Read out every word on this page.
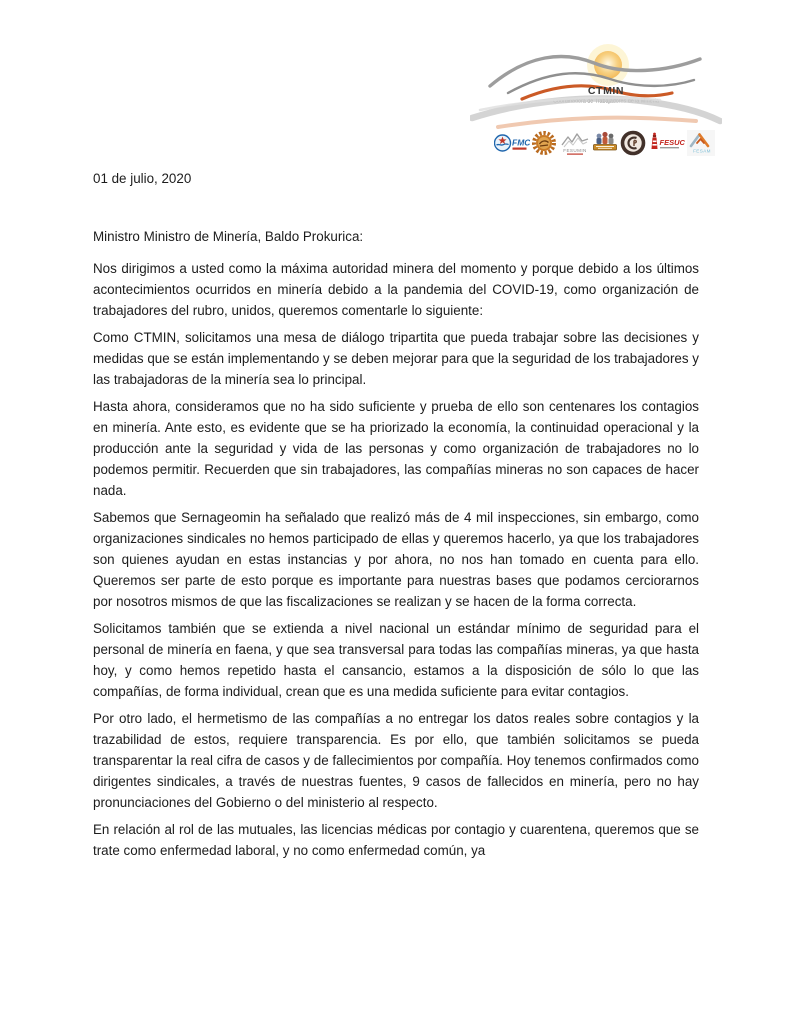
CTMIN
Coordinadora de Trabajadores de la Minería
FMC
FESUMIN
FESUC
FESAM

01 de julio, 2020

Ministro Ministro de Minería, Baldo Prokurica:

Nos dirigimos a usted como la máxima autoridad minera del momento y porque debido a los últimos acontecimientos ocurridos en minería debido a la pandemia del COVID-19, como organización de trabajadores del rubro, unidos, queremos comentarle lo siguiente:

Como CTMIN, solicitamos una mesa de diálogo tripartita que pueda trabajar sobre las decisiones y medidas que se están implementando y se deben mejorar para que la seguridad de los trabajadores y las trabajadoras de la minería sea lo principal.

Hasta ahora, consideramos que no ha sido suficiente y prueba de ello son centenares los contagios en minería. Ante esto, es evidente que se ha priorizado la economía, la continuidad operacional y la producción ante la seguridad y vida de las personas y como organización de trabajadores no lo podemos permitir. Recuerden que sin trabajadores, las compañías mineras no son capaces de hacer nada.

Sabemos que Sernageomin ha señalado que realizó más de 4 mil inspecciones, sin embargo, como organizaciones sindicales no hemos participado de ellas y queremos hacerlo, ya que los trabajadores son quienes ayudan en estas instancias y por ahora, no nos han tomado en cuenta para ello. Queremos ser parte de esto porque es importante para nuestras bases que podamos cerciorarnos por nosotros mismos de que las fiscalizaciones se realizan y se hacen de la forma correcta.

Solicitamos también que se extienda a nivel nacional un estándar mínimo de seguridad para el personal de minería en faena, y que sea transversal para todas las compañías mineras, ya que hasta hoy, y como hemos repetido hasta el cansancio, estamos a la disposición de sólo lo que las compañías, de forma individual, crean que es una medida suficiente para evitar contagios.

Por otro lado, el hermetismo de las compañías a no entregar los datos reales sobre contagios y la trazabilidad de estos, requiere transparencia. Es por ello, que también solicitamos se pueda transparentar la real cifra de casos y de fallecimientos por compañía. Hoy tenemos confirmados como dirigentes sindicales, a través de nuestras fuentes, 9 casos de fallecidos en minería, pero no hay pronunciaciones del Gobierno o del ministerio al respecto.

En relación al rol de las mutuales, las licencias médicas por contagio y cuarentena, queremos que se trate como enfermedad laboral, y no como enfermedad común, ya
